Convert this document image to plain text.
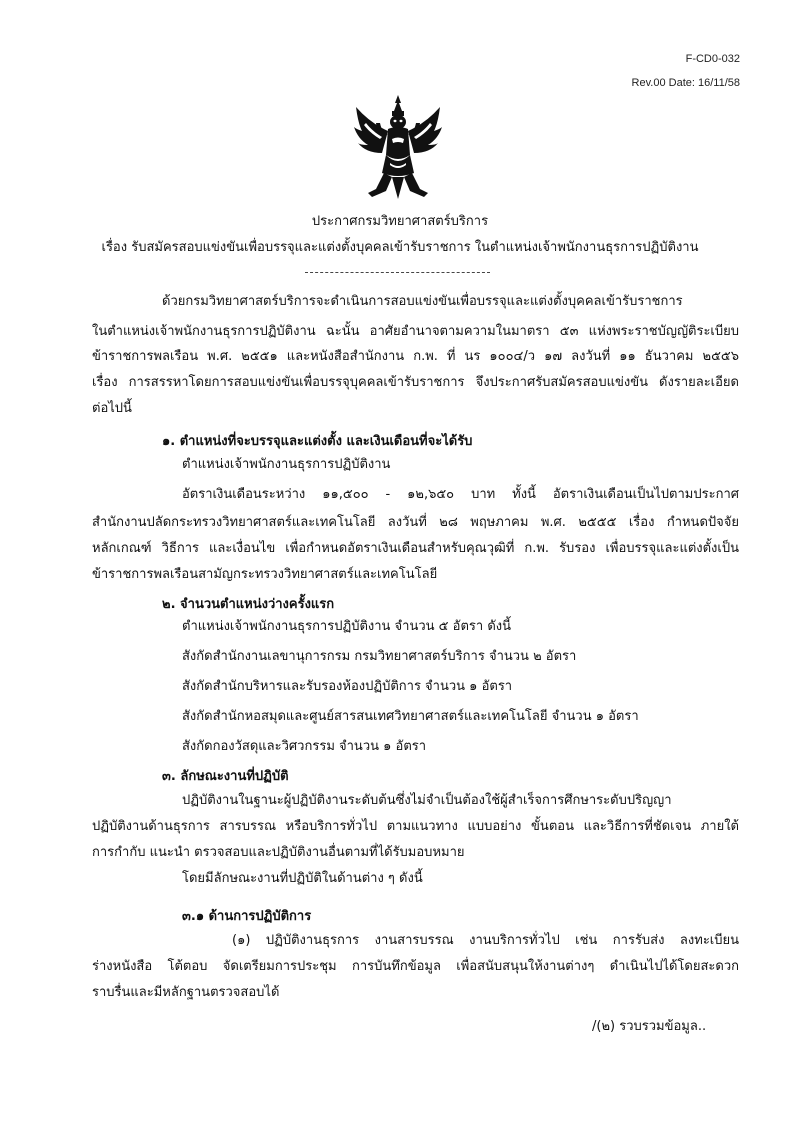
F-CD0-032
Rev.00 Date: 16/11/58
ประกาศกรมวิทยาศาสตร์บริการ
เรื่อง รับสมัครสอบแข่งขันเพื่อบรรจุและแต่งตั้งบุคคลเข้ารับราชการ ในตำแหน่งเจ้าพนักงานธุรการปฏิบัติงาน
ด้วยกรมวิทยาศาสตร์บริการจะดำเนินการสอบแข่งขันเพื่อบรรจุและแต่งตั้งบุคคลเข้ารับราชการ
ในตำแหน่งเจ้าพนักงานธุรการปฏิบัติงาน ฉะนั้น อาศัยอำนาจตามความในมาตรา ๕๓ แห่งพระราชบัญญัติระเบียบ
ข้าราชการพลเรือน พ.ศ. ๒๕๕๑ และหนังสือสำนักงาน ก.พ. ที่ นร ๑๐๐๔/ว ๑๗ ลงวันที่ ๑๑ ธันวาคม ๒๕๕๖
เรื่อง การสรรหาโดยการสอบแข่งขันเพื่อบรรจุบุคคลเข้ารับราชการ จึงประกาศรับสมัครสอบแข่งขัน ดังรายละเอียด
ต่อไปนี้
๑. ตำแหน่งที่จะบรรจุและแต่งตั้ง และเงินเดือนที่จะได้รับ
ตำแหน่งเจ้าพนักงานธุรการปฏิบัติงาน
อัตราเงินเดือนระหว่าง ๑๑,๕๐๐ - ๑๒,๖๕๐ บาท ทั้งนี้ อัตราเงินเดือนเป็นไปตามประกาศ
สำนักงานปลัดกระทรวงวิทยาศาสตร์และเทคโนโลยี ลงวันที่ ๒๘ พฤษภาคม พ.ศ. ๒๕๕๕ เรื่อง กำหนดปัจจัย
หลักเกณฑ์ วิธีการ และเงื่อนไข เพื่อกำหนดอัตราเงินเดือนสำหรับคุณวุฒิที่ ก.พ. รับรอง เพื่อบรรจุและแต่งตั้งเป็น
ข้าราชการพลเรือนสามัญกระทรวงวิทยาศาสตร์และเทคโนโลยี
๒. จำนวนตำแหน่งว่างครั้งแรก
ตำแหน่งเจ้าพนักงานธุรการปฏิบัติงาน จำนวน ๕ อัตรา ดังนี้
สังกัดสำนักงานเลขานุการกรม กรมวิทยาศาสตร์บริการ จำนวน ๒ อัตรา
สังกัดสำนักบริหารและรับรองห้องปฏิบัติการ จำนวน ๑ อัตรา
สังกัดสำนักหอสมุดและศูนย์สารสนเทศวิทยาศาสตร์และเทคโนโลยี จำนวน ๑ อัตรา
สังกัดกองวัสดุและวิศวกรรม จำนวน ๑ อัตรา
๓. ลักษณะงานที่ปฏิบัติ
ปฏิบัติงานในฐานะผู้ปฏิบัติงานระดับต้นซึ่งไม่จำเป็นต้องใช้ผู้สำเร็จการศึกษาระดับปริญญา
ปฏิบัติงานด้านธุรการ สารบรรณ หรือบริการทั่วไป ตามแนวทาง แบบอย่าง ขั้นตอน และวิธีการที่ชัดเจน ภายใต้
การกำกับ แนะนำ ตรวจสอบและปฏิบัติงานอื่นตามที่ได้รับมอบหมาย
โดยมีลักษณะงานที่ปฏิบัติในด้านต่าง ๆ ดังนี้
๓.๑ ด้านการปฏิบัติการ
(๑) ปฏิบัติงานธุรการ งานสารบรรณ งานบริการทั่วไป เช่น การรับส่ง ลงทะเบียน
ร่างหนังสือ โต้ตอบ จัดเตรียมการประชุม การบันทึกข้อมูล เพื่อสนับสนุนให้งานต่างๆ ดำเนินไปได้โดยสะดวก
ราบรื่นและมีหลักฐานตรวจสอบได้
/(๒) รวบรวมข้อมูล..
